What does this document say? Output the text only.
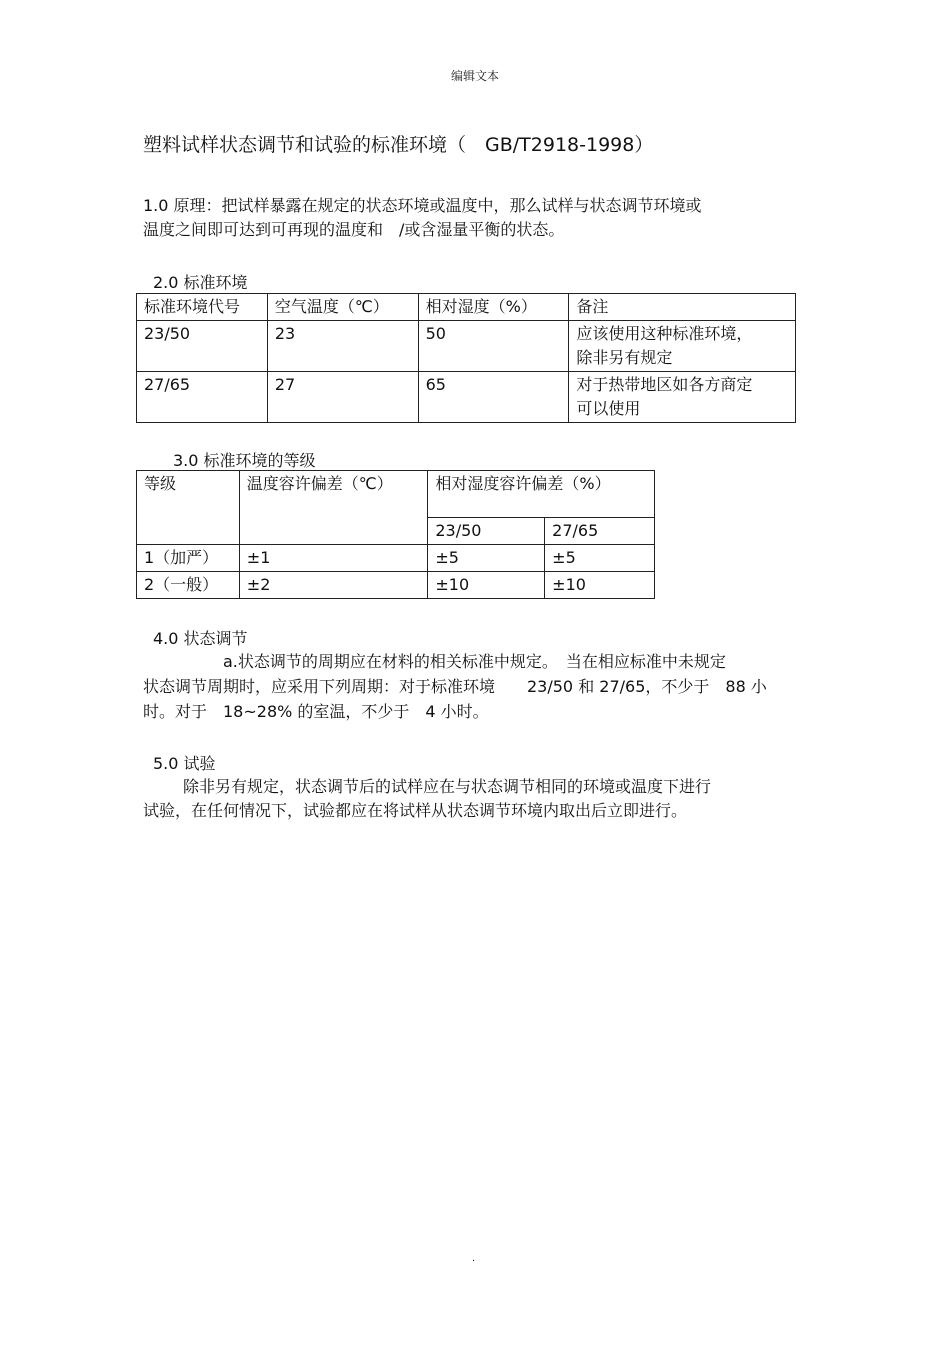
编辑文本
塑料试样状态调节和试验的标准环境（　GB/T2918-1998）
1.0 原理：把试样暴露在规定的状态环境或温度中，那么试样与状态调节环境或
温度之间即可达到可再现的温度和　/或含湿量平衡的状态。
2.0 标准环境
标准环境代号	空气温度（℃）	相对湿度（%）	备注
23/50	23	50	应该使用这种标准环境，
除非另有规定

27/65	27	65	对于热带地区如各方商定
可以使用
3.0 标准环境的等级
等级	温度容许偏差（℃）	相对湿度容许偏差（%）	
		23/50	27/65
1（加严）	±1	±5	±5
2（一般）	±2	±10	±10
4.0 状态调节
a.状态调节的周期应在材料的相关标准中规定。　当在相应标准中未规定
状态调节周期时，应采用下列周期：对于标准环境　　23/50 和 27/65，不少于　88 小
时。对于　18~28% 的室温，不少于　4 小时。
5.0 试验
除非另有规定，状态调节后的试样应在与状态调节相同的环境或温度下进行
试验，在任何情况下，试验都应在将试样从状态调节环境内取出后立即进行。
.
